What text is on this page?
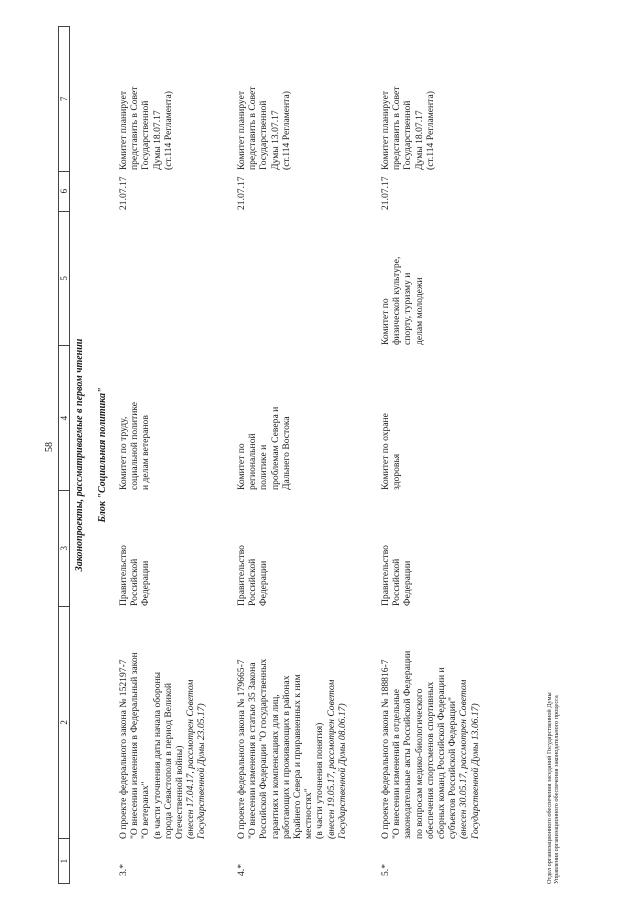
58
1
2
3
4
5
6
7
Законопроекты, рассматриваемые в первом чтении Блок "Социальная политика"
3.*
О проекте федерального закона № 152197-7 "О внесении изменения в Федеральный закон "О ветеранах" (в части уточнения даты начала обороны города Севастополя в период Великой Отечественной войны) (внесен 17.04.17, рассмотрен Советом Государственной Думы 23.05.17)
Правительство Российской Федерации
Комитет по труду, социальной политике и делам ветеранов
21.07.17
Комитет планирует представить в Совет Государственной Думы 18.07.17 (ст.114 Регламента)
4.*
О проекте федерального закона № 179665-7 "О внесении изменения в статью 35 Закона Российской Федерации "О государственных гарантиях и компенсациях для лиц, работающих и проживающих в районах Крайнего Севера и приравненных к ним местностях" (в части уточнения понятия) (внесен 19.05.17, рассмотрен Советом Государственной Думы 08.06.17)
Правительство Российской Федерации
Комитет по региональной политике и проблемам Севера и Дальнего Востока
21.07.17
Комитет планирует представить в Совет Государственной Думы 13.07.17 (ст.114 Регламента)
5.*
О проекте федерального закона № 188816-7 "О внесении изменений в отдельные законодательные акты Российской Федерации по вопросам медико-биологического обеспечения спортсменов спортивных сборных команд Российской Федерации и субъектов Российской Федерации" (внесен 30.05.17, рассмотрен Советом Государственной Думы 13.06.17)
Правительство Российской Федерации
Комитет по охране здоровья
Комитет по физической культуре, спорту, туризму и делам молодежи
21.07.17
Комитет планирует представить в Совет Государственной Думы 18.07.17 (ст.114 Регламента)
Отдел организационного обеспечения заседаний Государственной Думы Управления организационного обеспечения законодательного процесса
